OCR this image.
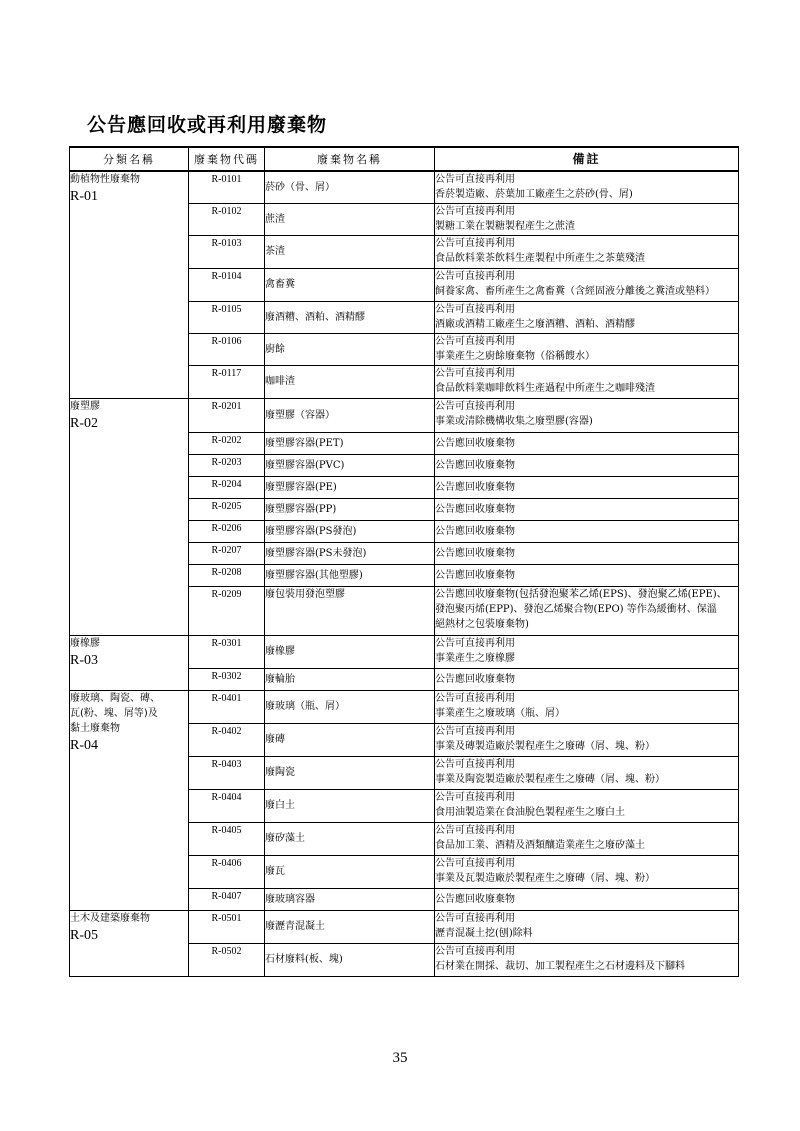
公告應回收或再利用廢棄物
分類名稱	廢棄物代碼	廢棄物名稱	備註

動植物性廢棄物
R-01	R-0101	菸砂（骨、屑）	公告可直接再利用
香菸製造廠、菸葉加工廠產生之菸砂(骨、屑)

	R-0102	蔗渣	公告可直接再利用
製糖工業在製糖製程產生之蔗渣

	R-0103	茶渣	公告可直接再利用
食品飲料業茶飲料生產製程中所產生之茶葉殘渣

	R-0104	禽畜糞	公告可直接再利用
飼養家禽、畜所產生之禽畜糞（含經固液分離後之糞渣或墊料）

	R-0105	廢酒糟、酒粕、酒精醪	公告可直接再利用
酒廠或酒精工廠產生之廢酒糟、酒粕、酒精醪

	R-0106	廚餘	公告可直接再利用
事業產生之廚餘廢棄物（俗稱餿水）

	R-0117	咖啡渣	公告可直接再利用
食品飲料業咖啡飲料生產過程中所產生之咖啡殘渣

廢塑膠
R-02	R-0201	廢塑膠（容器）	公告可直接再利用
事業或清除機構收集之廢塑膠(容器)

	R-0202	廢塑膠容器(PET)	公告應回收廢棄物

	R-0203	廢塑膠容器(PVC)	公告應回收廢棄物

	R-0204	廢塑膠容器(PE)	公告應回收廢棄物

	R-0205	廢塑膠容器(PP)	公告應回收廢棄物

	R-0206	廢塑膠容器(PS發泡)	公告應回收廢棄物

	R-0207	廢塑膠容器(PS未發泡)	公告應回收廢棄物

	R-0208	廢塑膠容器(其他塑膠)	公告應回收廢棄物

	R-0209	廢包裝用發泡塑膠	公告應回收廢棄物(包括發泡聚苯乙烯(EPS)、發泡聚乙烯(EPE)、
發泡聚丙烯(EPP)、發泡乙烯聚合物(EPO) 等作為緩衝材、保溫
絕熱材之包裝廢棄物)

廢橡膠
R-03	R-0301	廢橡膠	公告可直接再利用
事業產生之廢橡膠

	R-0302	廢輪胎	公告應回收廢棄物

廢玻璃、陶瓷、磚、
瓦(粉、塊、屑等)及
黏土廢棄物
R-04	R-0401	廢玻璃（瓶、屑）	公告可直接再利用
事業產生之廢玻璃（瓶、屑）

	R-0402	廢磚	公告可直接再利用
事業及磚製造廠於製程產生之廢磚（屑、塊、粉）

	R-0403	廢陶瓷	公告可直接再利用
事業及陶瓷製造廠於製程產生之廢磚（屑、塊、粉）

	R-0404	廢白土	公告可直接再利用
食用油製造業在食油脫色製程產生之廢白土

	R-0405	廢矽藻土	公告可直接再利用
食品加工業、酒精及酒類釀造業產生之廢矽藻土

	R-0406	廢瓦	公告可直接再利用
事業及瓦製造廠於製程產生之廢磚（屑、塊、粉）

	R-0407	廢玻璃容器	公告應回收廢棄物

土木及建築廢棄物
R-05	R-0501	廢瀝青混凝土	公告可直接再利用
瀝青混凝土挖(刨)除料

	R-0502	石材廢料(板、塊)	公告可直接再利用
石材業在開採、裁切、加工製程產生之石材邊料及下腳料
35
